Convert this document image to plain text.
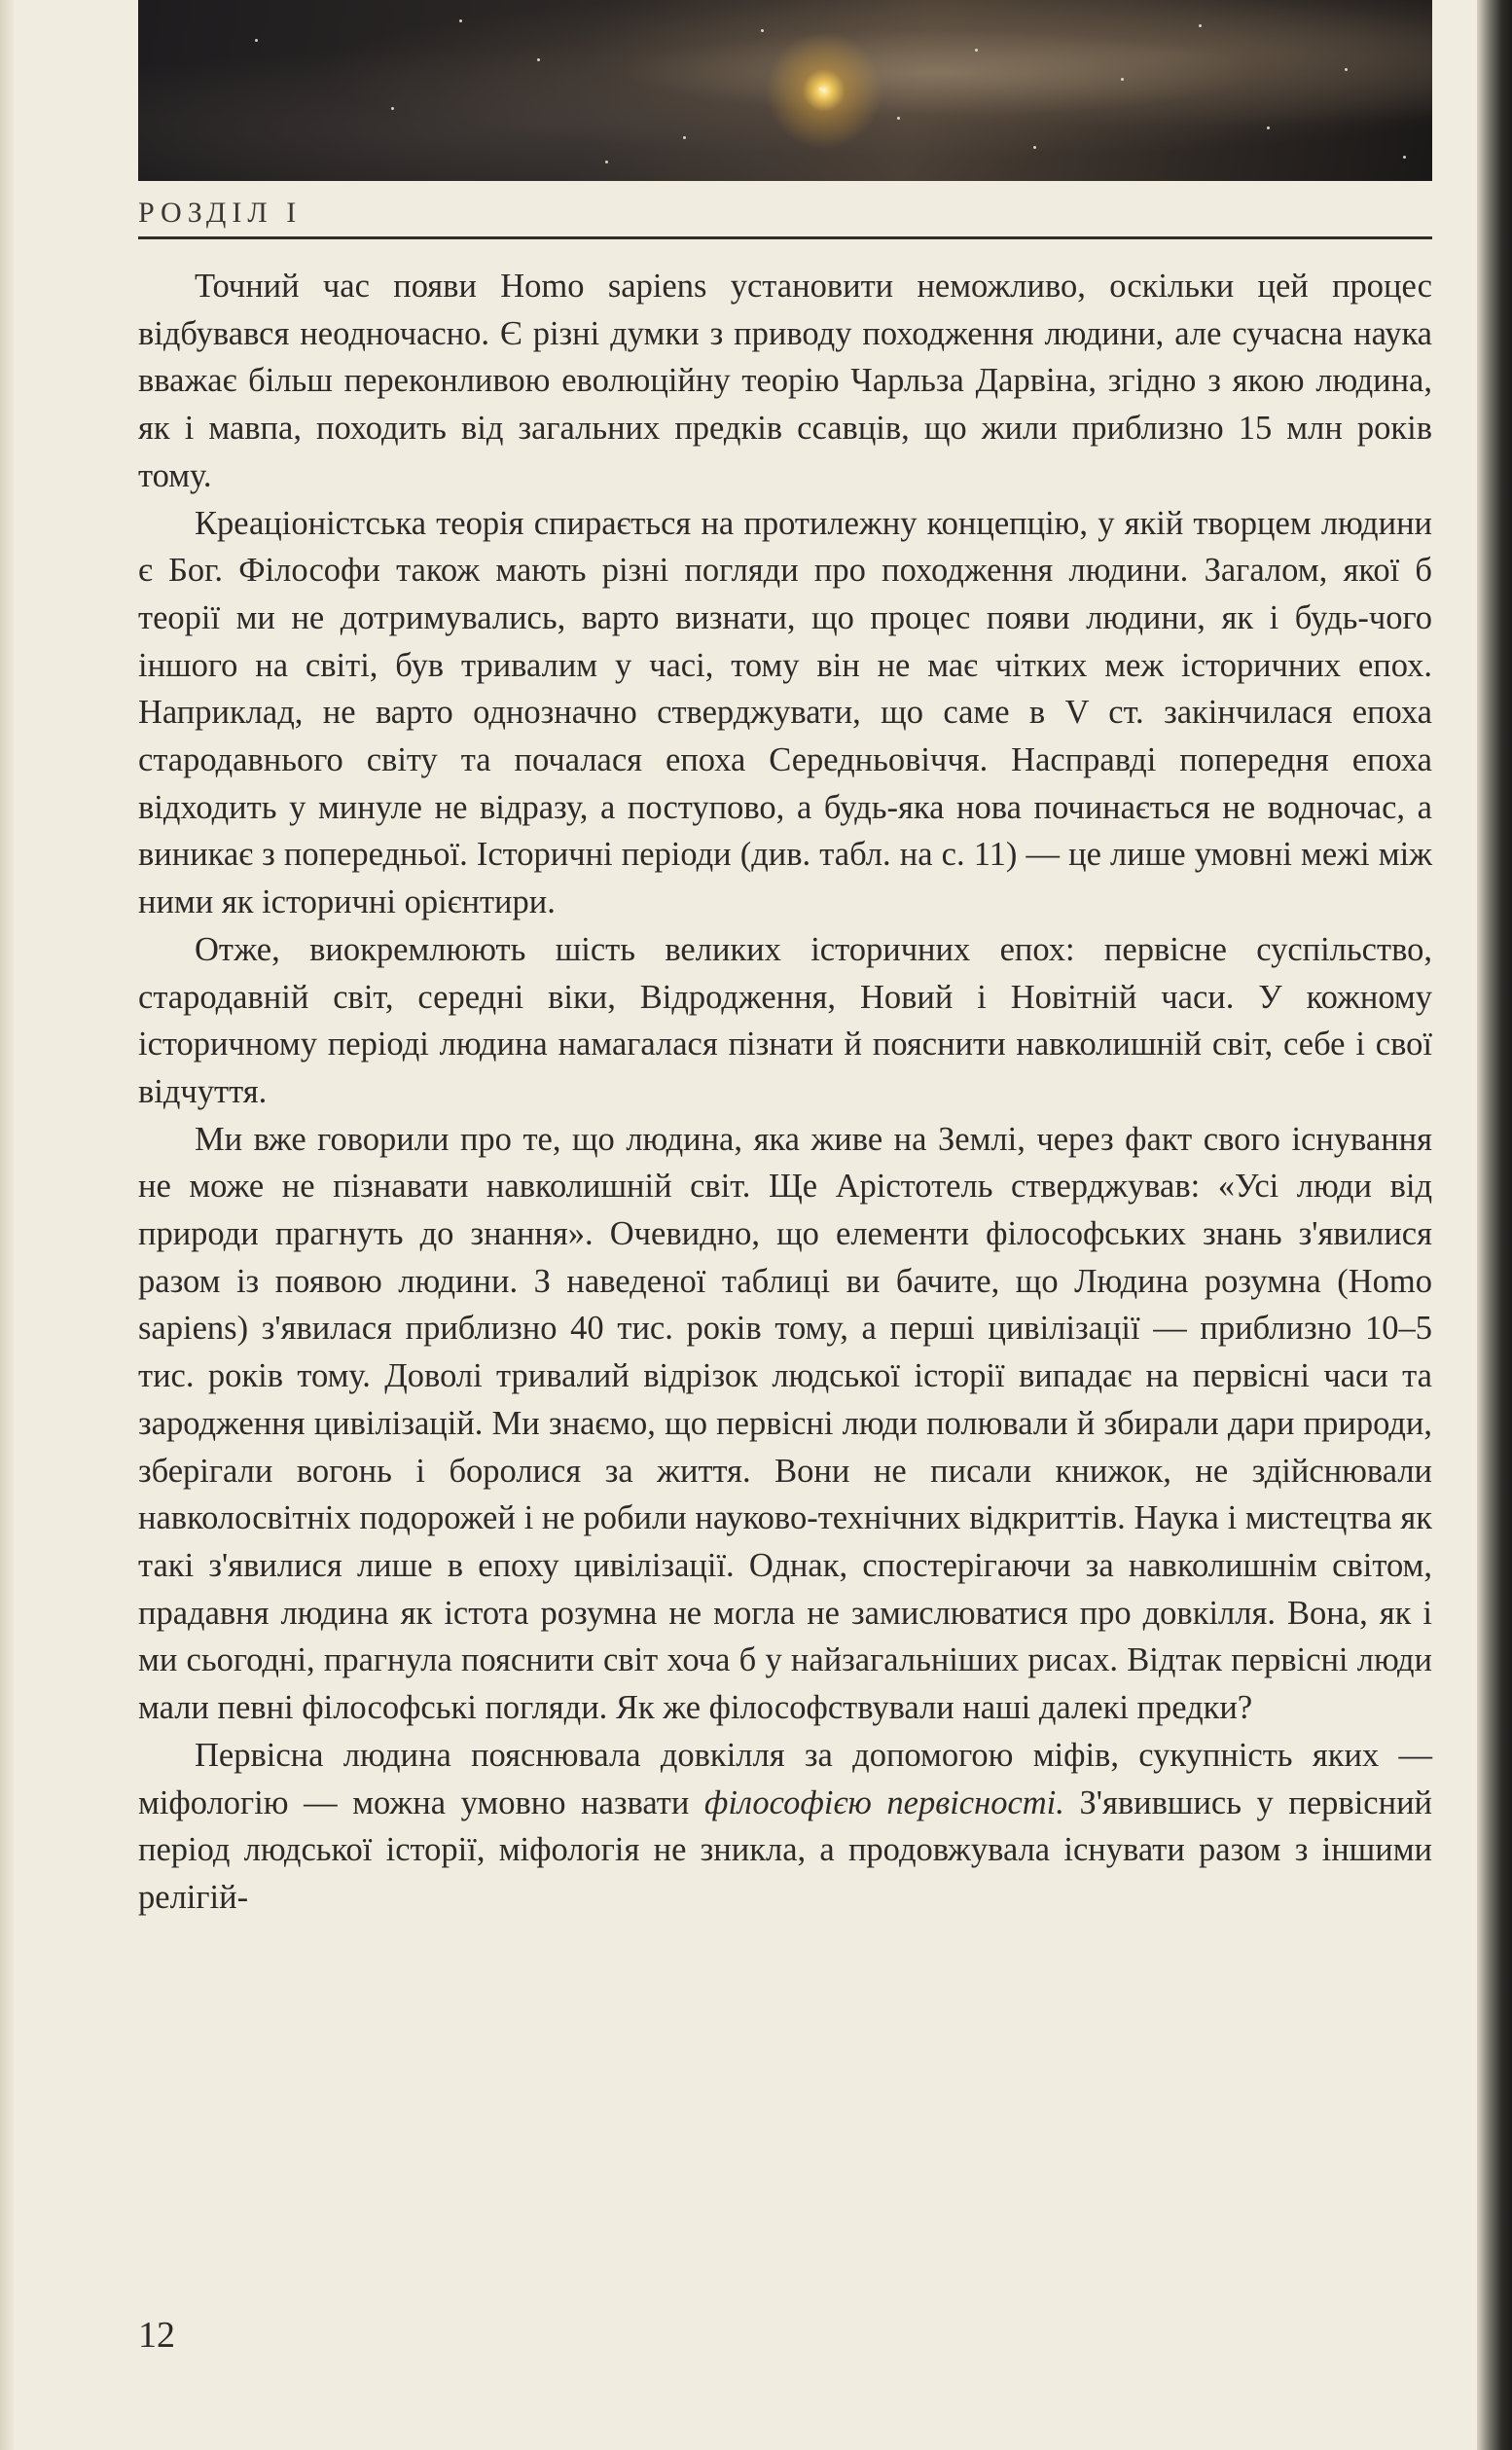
РОЗДІЛ I

Точний час появи Homo sapiens установити неможливо, оскільки цей процес відбувався неодночасно. Є різні думки з приводу походження людини, але сучасна наука вважає більш переконливою еволюційну теорію Чарльза Дарвіна, згідно з якою людина, як і мавпа, походить від загальних предків ссавців, що жили приблизно 15 млн років тому.

Креаціоністська теорія спирається на протилежну концепцію, у якій творцем людини є Бог. Філософи також мають різні погляди про походження людини. Загалом, якої б теорії ми не дотримувались, варто визнати, що процес появи людини, як і будь-чого іншого на світі, був тривалим у часі, тому він не має чітких меж історичних епох. Наприклад, не варто однозначно стверджувати, що саме в V ст. закінчилася епоха стародавнього світу та почалася епоха Середньовіччя. Насправді попередня епоха відходить у минуле не відразу, а поступово, а будь-яка нова починається не водночас, а виникає з попередньої. Історичні періоди (див. табл. на с. 11) — це лише умовні межі між ними як історичні орієнтири.

Отже, виокремлюють шість великих історичних епох: первісне суспільство, стародавній світ, середні віки, Відродження, Новий і Новітній часи. У кожному історичному періоді людина намагалася пізнати й пояснити навколишній світ, себе і свої відчуття.

Ми вже говорили про те, що людина, яка живе на Землі, через факт свого існування не може не пізнавати навколишній світ. Ще Арістотель стверджував: «Усі люди від природи прагнуть до знання». Очевидно, що елементи філософських знань з'явилися разом із появою людини. З наведеної таблиці ви бачите, що Людина розумна (Homo sapiens) з'явилася приблизно 40 тис. років тому, а перші цивілізації — приблизно 10–5 тис. років тому. Доволі тривалий відрізок людської історії випадає на первісні часи та зародження цивілізацій. Ми знаємо, що первісні люди полювали й збирали дари природи, зберігали вогонь і боролися за життя. Вони не писали книжок, не здійснювали навколосвітніх подорожей і не робили науково-технічних відкриттів. Наука і мистецтва як такі з'явилися лише в епоху цивілізації. Однак, спостерігаючи за навколишнім світом, прадавня людина як істота розумна не могла не замислюватися про довкілля. Вона, як і ми сьогодні, прагнула пояснити світ хоча б у найзагальніших рисах. Відтак первісні люди мали певні філософські погляди. Як же філософствували наші далекі предки?

Первісна людина пояснювала довкілля за допомогою міфів, сукупність яких — міфологію — можна умовно назвати філософією первісності. З'явившись у первісний період людської історії, міфологія не зникла, а продовжувала існувати разом з іншими релігій-

12
